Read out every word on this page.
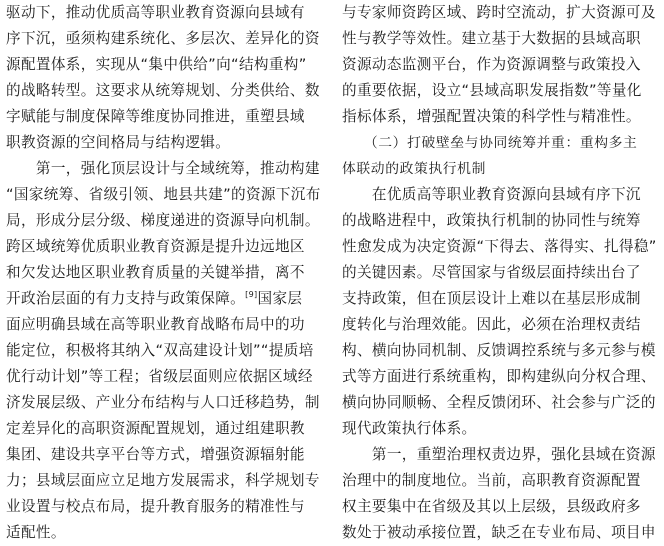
驱动下，推动优质高等职业教育资源向县域有
序下沉，亟须构建系统化、多层次、差异化的资
源配置体系，实现从“集中供给”向“结构重构”
的战略转型。这要求从统筹规划、分类供给、数
字赋能与制度保障等维度协同推进，重塑县域
职教资源的空间格局与结构逻辑。
　　第一，强化顶层设计与全域统筹，推动构建
“国家统筹、省级引领、地县共建”的资源下沉布
局，形成分层分级、梯度递进的资源导向机制。
跨区域统筹优质职业教育资源是提升边远地区
和欠发达地区职业教育质量的关键举措，离不
开政治层面的有力支持与政策保障。[9]国家层
面应明确县域在高等职业教育战略布局中的功
能定位，积极将其纳入“双高建设计划”“提质培
优行动计划”等工程；省级层面则应依据区域经
济发展层级、产业分布结构与人口迁移趋势，制
定差异化的高职资源配置规划，通过组建职教
集团、建设共享平台等方式，增强资源辐射能
力；县域层面应立足地方发展需求，科学规划专
业设置与校点布局，提升教育服务的精准性与
适配性。
与专家师资跨区域、跨时空流动，扩大资源可及
性与教学等效性。建立基于大数据的县域高职
资源动态监测平台，作为资源调整与政策投入
的重要依据，设立“县域高职发展指数”等量化
指标体系，增强配置决策的科学性与精准性。
　　（二）打破壁垒与协同统筹并重：重构多主
体联动的政策执行机制
　　在优质高等职业教育资源向县域有序下沉
的战略进程中，政策执行机制的协同性与统筹
性愈发成为决定资源“下得去、落得实、扎得稳”
的关键因素。尽管国家与省级层面持续出台了
支持政策，但在顶层设计上难以在基层形成制
度转化与治理效能。因此，必须在治理权责结
构、横向协同机制、反馈调控系统与多元参与模
式等方面进行系统重构，即构建纵向分权合理、
横向协同顺畅、全程反馈闭环、社会参与广泛的
现代政策执行体系。
　　第一，重塑治理权责边界，强化县域在资源
治理中的制度地位。当前，高职教育资源配置
权主要集中在省级及其以上层级，县级政府多
数处于被动承接位置，缺乏在专业布局、项目申
